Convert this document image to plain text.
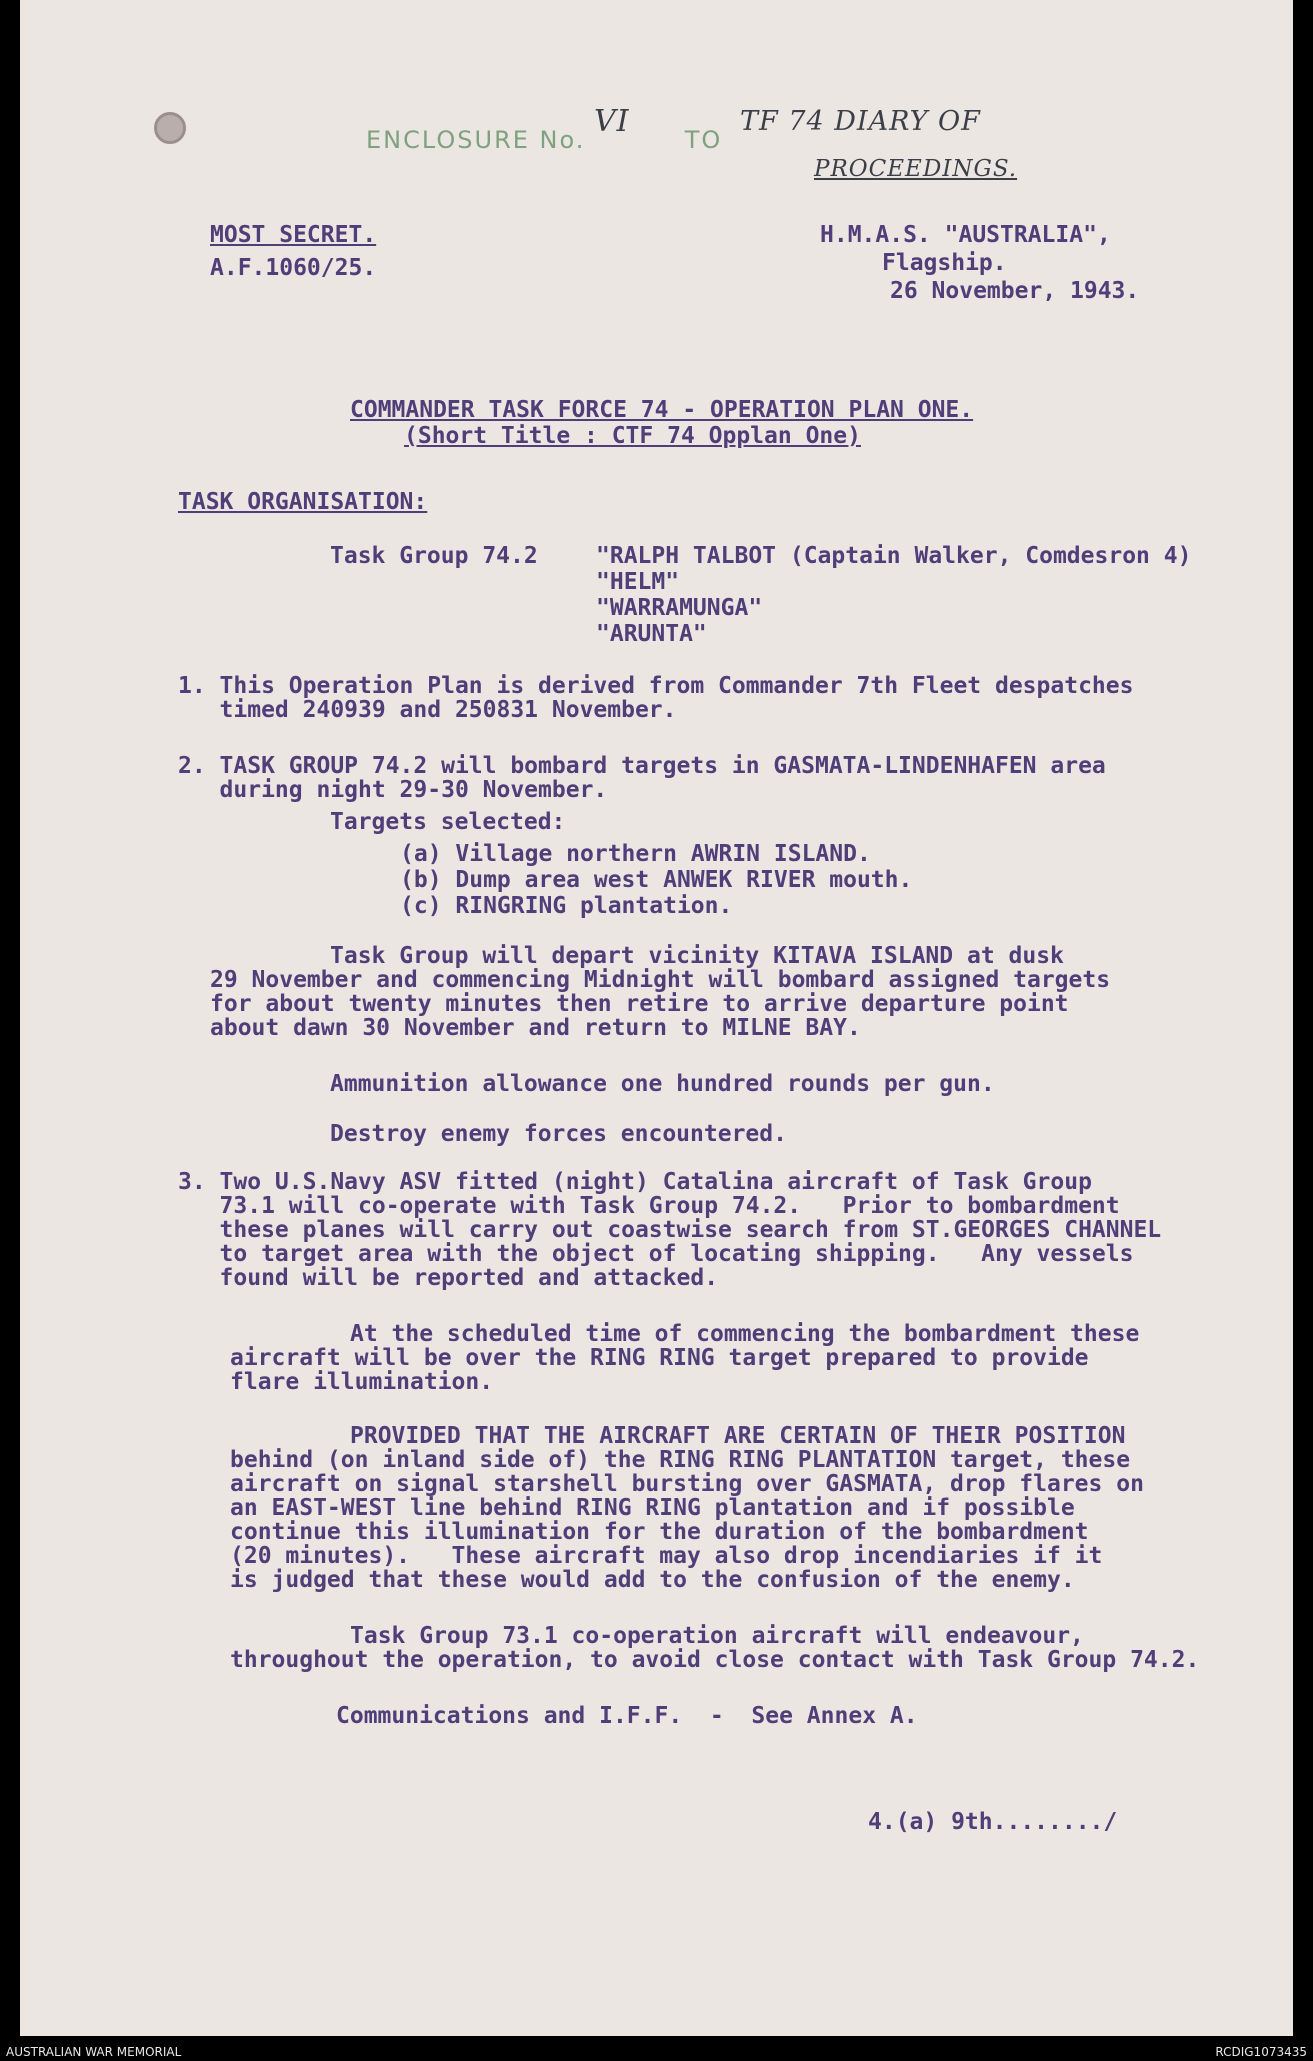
ENCLOSURE No.	TO
VI	TF 74 DIARY OF
PROCEEDINGS.
MOST SECRET.
A.F.1060/25.
H.M.A.S. "AUSTRALIA",
Flagship.
26 November, 1943.
COMMANDER TASK FORCE 74 - OPERATION PLAN ONE.
(Short Title : CTF 74 Opplan One)
TASK ORGANISATION:
Task Group 74.2	"RALPH TALBOT (Captain Walker, Comdesron 4)
"HELM"
"WARRAMUNGA"
"ARUNTA"
1. This Operation Plan is derived from Commander 7th Fleet despatches
timed 240939 and 250831 November.
2. TASK GROUP 74.2 will bombard targets in GASMATA-LINDENHAFEN area
during night 29-30 November.
Targets selected:
(a) Village northern AWRIN ISLAND.
(b) Dump area west ANWEK RIVER mouth.
(c) RINGRING plantation.
Task Group will depart vicinity KITAVA ISLAND at dusk
29 November and commencing Midnight will bombard assigned targets
for about twenty minutes then retire to arrive departure point
about dawn 30 November and return to MILNE BAY.
Ammunition allowance one hundred rounds per gun.
Destroy enemy forces encountered.
3. Two U.S.Navy ASV fitted (night) Catalina aircraft of Task Group
73.1 will co-operate with Task Group 74.2.   Prior to bombardment
these planes will carry out coastwise search from ST.GEORGES CHANNEL
to target area with the object of locating shipping.   Any vessels
found will be reported and attacked.
At the scheduled time of commencing the bombardment these
aircraft will be over the RING RING target prepared to provide
flare illumination.
PROVIDED THAT THE AIRCRAFT ARE CERTAIN OF THEIR POSITION
behind (on inland side of) the RING RING PLANTATION target, these
aircraft on signal starshell bursting over GASMATA, drop flares on
an EAST-WEST line behind RING RING plantation and if possible
continue this illumination for the duration of the bombardment
(20 minutes).   These aircraft may also drop incendiaries if it
is judged that these would add to the confusion of the enemy.
Task Group 73.1 co-operation aircraft will endeavour,
throughout the operation, to avoid close contact with Task Group 74.2.
Communications and I.F.F.  -  See Annex A.
4.(a) 9th......../
AUSTRALIAN WAR MEMORIAL	RCDIG1073435
